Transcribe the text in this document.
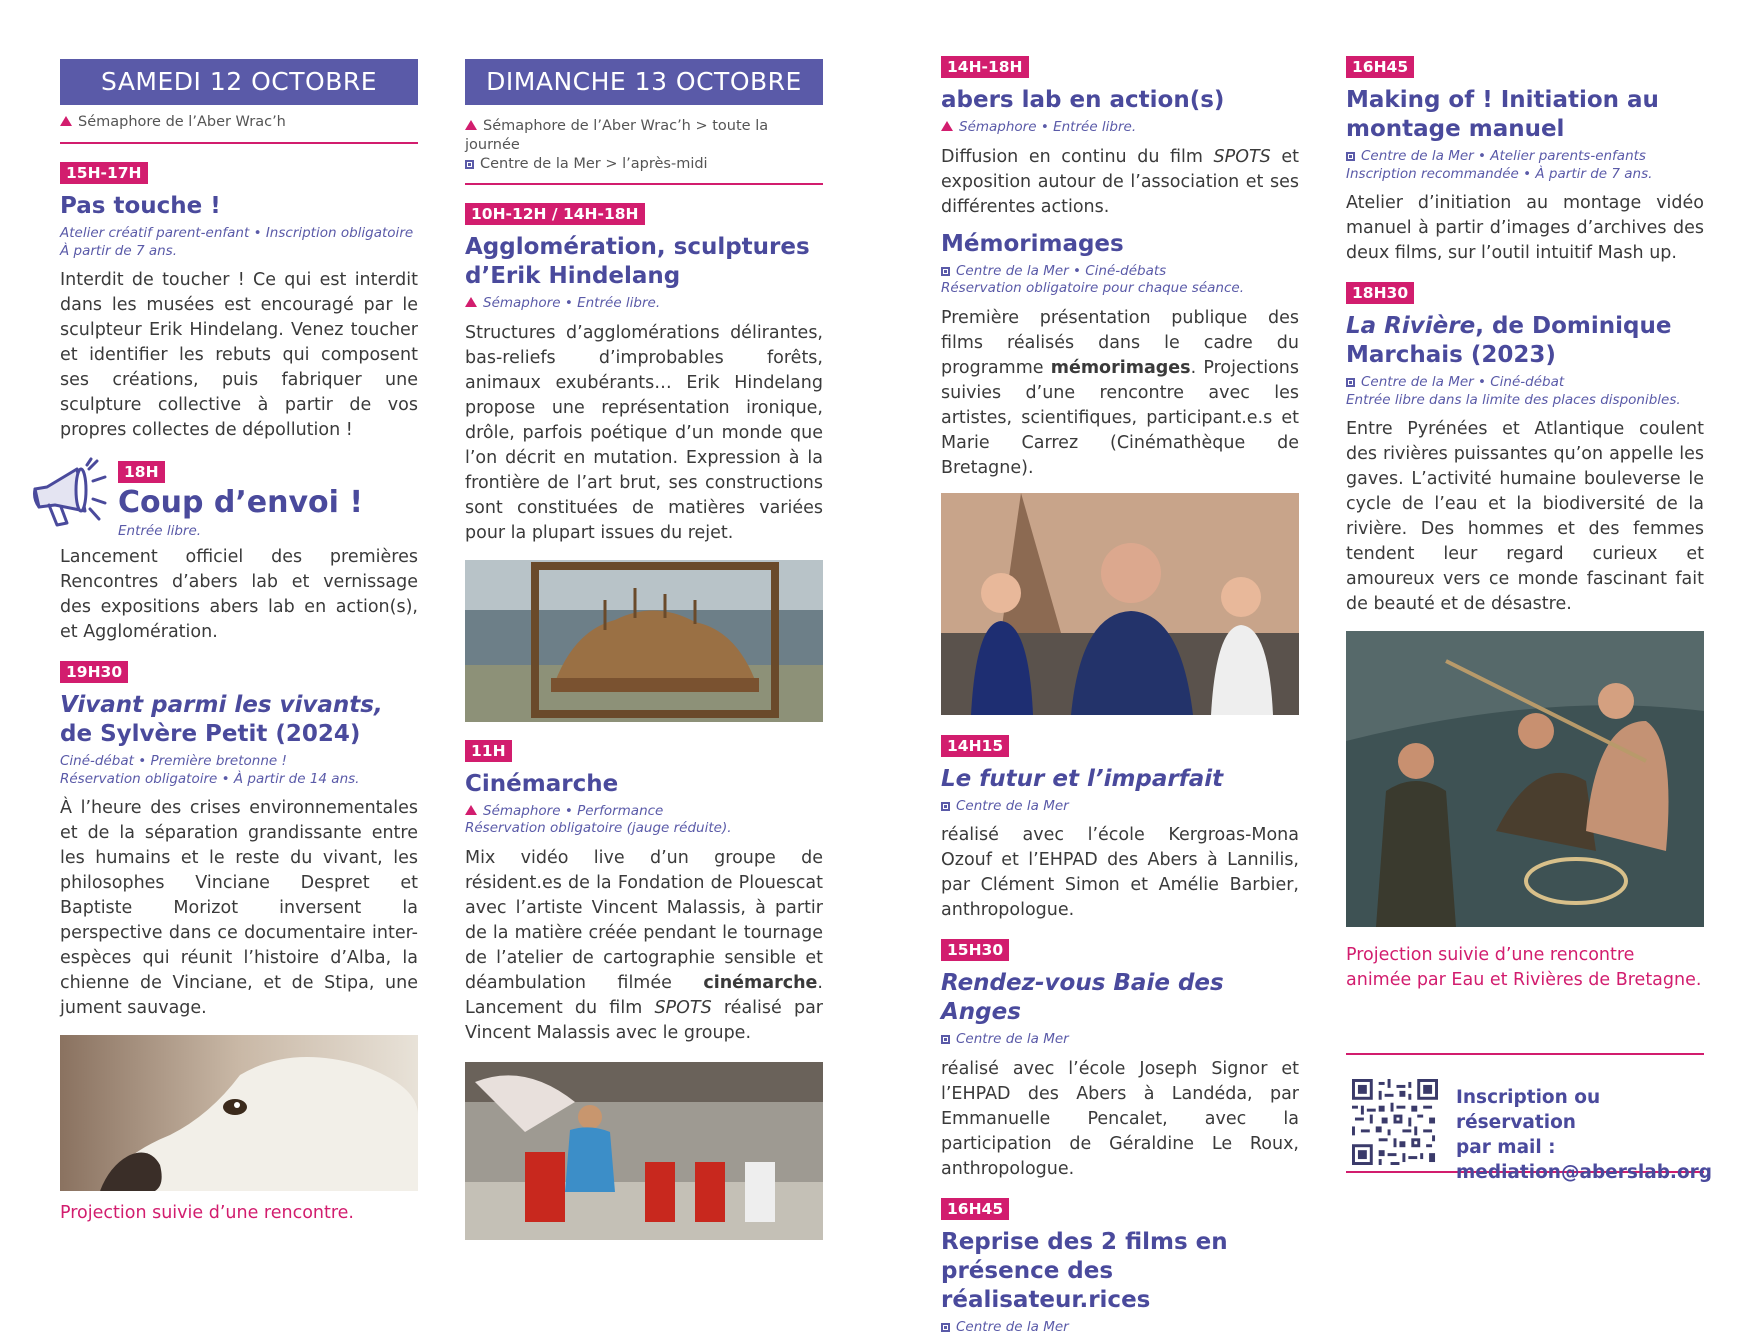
SAMEDI 12 OCTOBRE
Sémaphore de l’Aber Wrac’h
15H-17H
Pas touche !
Atelier créatif parent-enfant • Inscription obligatoire
À partir de 7 ans.
Interdit de toucher ! Ce qui est interdit dans les musées est encouragé par le sculpteur Erik Hindelang. Venez toucher et identifier les rebuts qui composent ses créations, puis fabriquer une sculpture collective à partir de vos propres collectes de dépollution !
18H
Coup d’envoi !
Entrée libre.
Lancement officiel des premières Rencontres d’abers lab et vernissage des expositions abers lab en action(s), et Agglomération.
19H30
Vivant parmi les vivants,
de Sylvère Petit (2024)
Ciné-débat • Première bretonne !
Réservation obligatoire • À partir de 14 ans.
À l’heure des crises environnementales et de la séparation grandissante entre les humains et le reste du vivant, les philosophes Vinciane Despret et Baptiste Morizot inversent la perspective dans ce documentaire inter-espèces qui réunit l’histoire d’Alba, la chienne de Vinciane, et de Stipa, une jument sauvage.
Projection suivie d’une rencontre.
DIMANCHE 13 OCTOBRE
Sémaphore de l’Aber Wrac’h > toute la journée
Centre de la Mer > l’après-midi
10H-12H / 14H-18H
Agglomération, sculptures
d’Erik Hindelang
Sémaphore • Entrée libre.
Structures d’agglomérations délirantes, bas-reliefs d’improbables forêts, animaux exubérants… Erik Hindelang propose une représentation ironique, drôle, parfois poétique d’un monde que l’on décrit en mutation. Expression à la frontière de l’art brut, ses constructions sont constituées de matières variées pour la plupart issues du rejet.
11H
Cinémarche
Sémaphore • Performance
Réservation obligatoire (jauge réduite).
Mix vidéo live d’un groupe de résident.es de la Fondation de Plouescat avec l’artiste Vincent Malassis, à partir de la matière créée pendant le tournage de l’atelier de cartographie sensible et déambulation filmée cinémarche. Lancement du film SPOTS réalisé par Vincent Malassis avec le groupe.
14H-18H
abers lab en action(s)
Sémaphore • Entrée libre.
Diffusion en continu du film SPOTS et exposition autour de l’association et ses différentes actions.
Mémorimages
Centre de la Mer • Ciné-débats
Réservation obligatoire pour chaque séance.
Première présentation publique des films réalisés dans le cadre du programme mémorimages. Projections suivies d’une rencontre avec les artistes, scientifiques, participant.e.s et Marie Carrez (Cinémathèque de Bretagne).
14H15
Le futur et l’imparfait
Centre de la Mer
réalisé avec l’école Kergroas-Mona Ozouf et l’EHPAD des Abers à Lannilis, par Clément Simon et Amélie Barbier, anthropologue.
15H30
Rendez-vous Baie des Anges
Centre de la Mer
réalisé avec l’école Joseph Signor et l’EHPAD des Abers à Landéda, par Emmanuelle Pencalet, avec la participation de Géraldine Le Roux, anthropologue.
16H45
Reprise des 2 films en
présence des réalisateur.rices
Centre de la Mer
16H45
Making of ! Initiation au
montage manuel
Centre de la Mer • Atelier parents-enfants
Inscription recommandée • À partir de 7 ans.
Atelier d’initiation au montage vidéo manuel à partir d’images d’archives des deux films, sur l’outil intuitif Mash up.
18H30
La Rivière, de Dominique
Marchais (2023)
Centre de la Mer • Ciné-débat
Entrée libre dans la limite des places disponibles.
Entre Pyrénées et Atlantique coulent des rivières puissantes qu’on appelle les gaves. L’activité humaine bouleverse le cycle de l’eau et la biodiversité de la rivière. Des hommes et des femmes tendent leur regard curieux et amoureux vers ce monde fascinant fait de beauté et de désastre.
Projection suivie d’une rencontre animée par Eau et Rivières de Bretagne.
Inscription ou réservation
par mail :
mediation@aberslab.org
